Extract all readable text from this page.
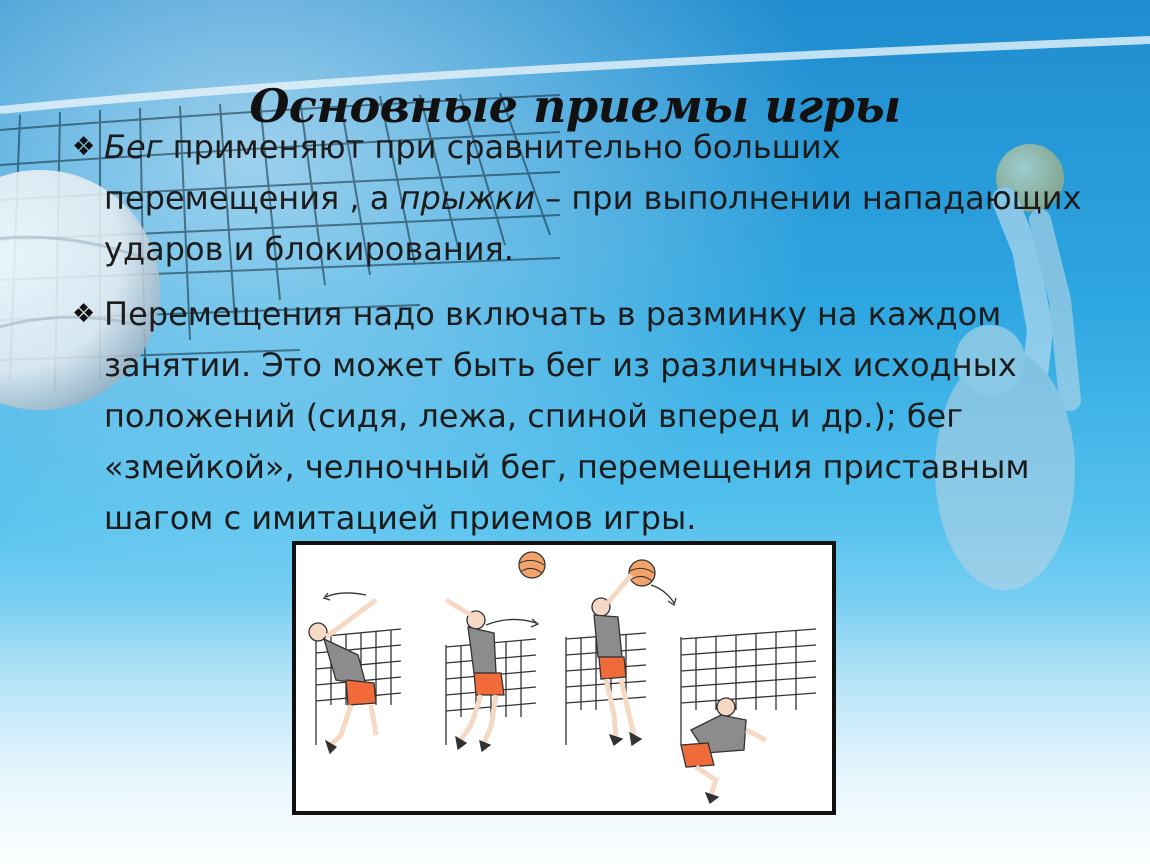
Основные приемы игры
❖ Бег применяют при сравнительно больших перемещения , а прыжки – при выполнении нападающих ударов и блокирования.
❖ Перемещения надо включать в разминку на каждом занятии. Это может быть бег из различных исходных положений (сидя, лежа, спиной вперед и др.); бег «змейкой», челночный бег, перемещения приставным шагом с имитацией приемов игры.
